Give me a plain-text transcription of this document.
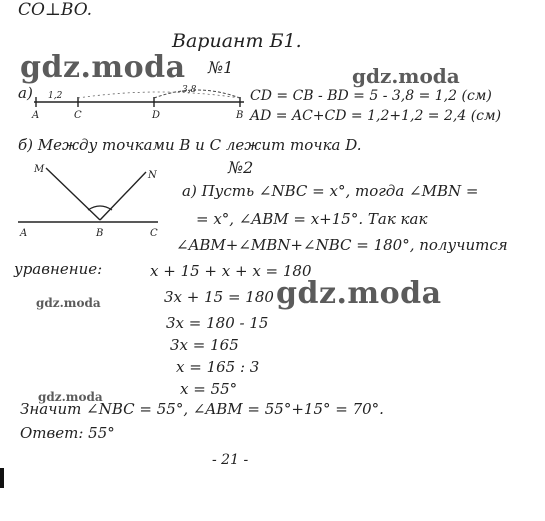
CO⊥BO.
Вариант Б1.
gdz.moda	gdz.moda
gdz.moda
gdz.moda
gdz.moda
№1
а)
A
1,2
C	D
3,8
B
CD = CB - BD = 5 - 3,8 = 1,2 (см)
AD = AC+CD = 1,2+1,2 = 2,4 (см)
б) Между точками B и C лежит точка D.
№2
M
N
A	B	C
а) Пусть ∠NBC = x°, тогда ∠MBN =
= x°, ∠ABM = x+15°. Так как
∠ABM+∠MBN+∠NBC = 180°, получится
уравнение:	x + 15 + x + x = 180
3x + 15 = 180
3x = 180 - 15
3x = 165
x = 165 : 3
x = 55°
Значит ∠NBC = 55°, ∠ABM = 55°+15° = 70°.
Ответ: 55°
- 21 -
